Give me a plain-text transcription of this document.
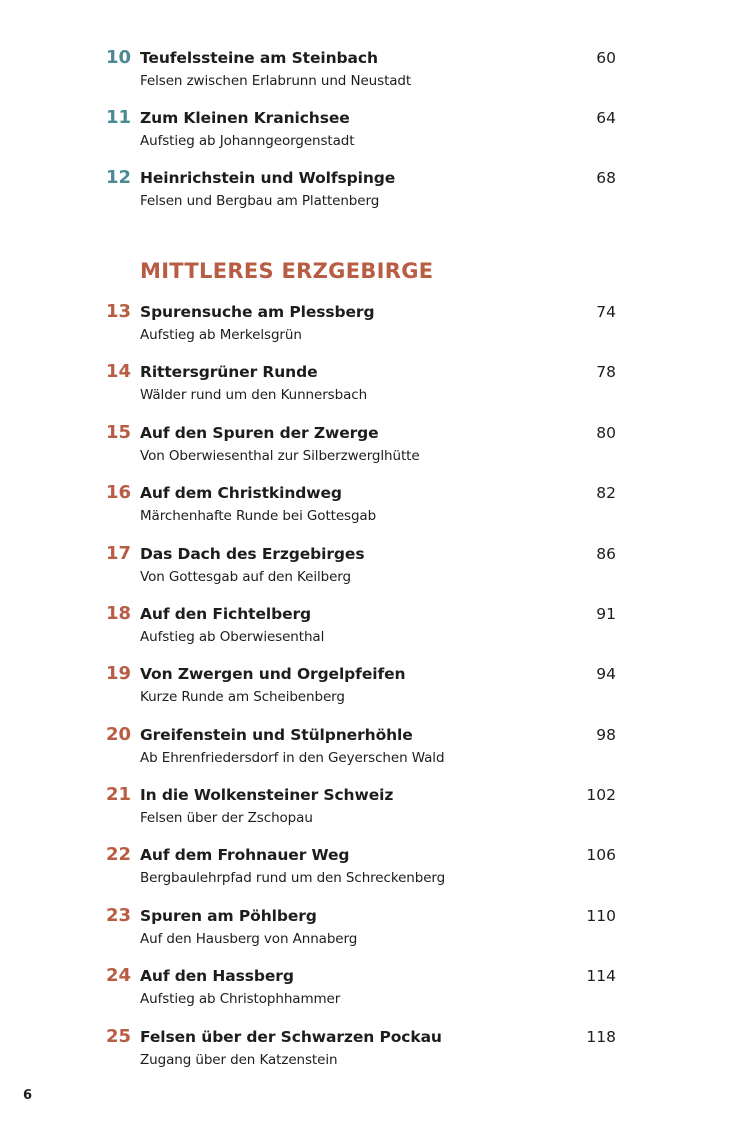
10 Teufelssteine am Steinbach	60
Felsen zwischen Erlabrunn und Neustadt
11 Zum Kleinen Kranichsee	64
Aufstieg ab Johanngeorgenstadt
12 Heinrichstein und Wolfspinge	68
Felsen und Bergbau am Plattenberg
MITTLERES ERZGEBIRGE
13 Spurensuche am Plessberg	74
Aufstieg ab Merkelsgrün
14 Rittersgrüner Runde	78
Wälder rund um den Kunnersbach
15 Auf den Spuren der Zwerge	80
Von Oberwiesenthal zur Silberzwerglhütte
16 Auf dem Christkindweg	82
Märchenhafte Runde bei Gottesgab
17 Das Dach des Erzgebirges	86
Von Gottesgab auf den Keilberg
18 Auf den Fichtelberg	91
Aufstieg ab Oberwiesenthal
19 Von Zwergen und Orgelpfeifen	94
Kurze Runde am Scheibenberg
20 Greifenstein und Stülpnerhöhle	98
Ab Ehrenfriedersdorf in den Geyerschen Wald
21 In die Wolkensteiner Schweiz	102
Felsen über der Zschopau
22 Auf dem Frohnauer Weg	106
Bergbaulehrpfad rund um den Schreckenberg
23 Spuren am Pöhlberg	110
Auf den Hausberg von Annaberg
24 Auf den Hassberg	114
Aufstieg ab Christophhammer
25 Felsen über der Schwarzen Pockau	118
Zugang über den Katzenstein
6
